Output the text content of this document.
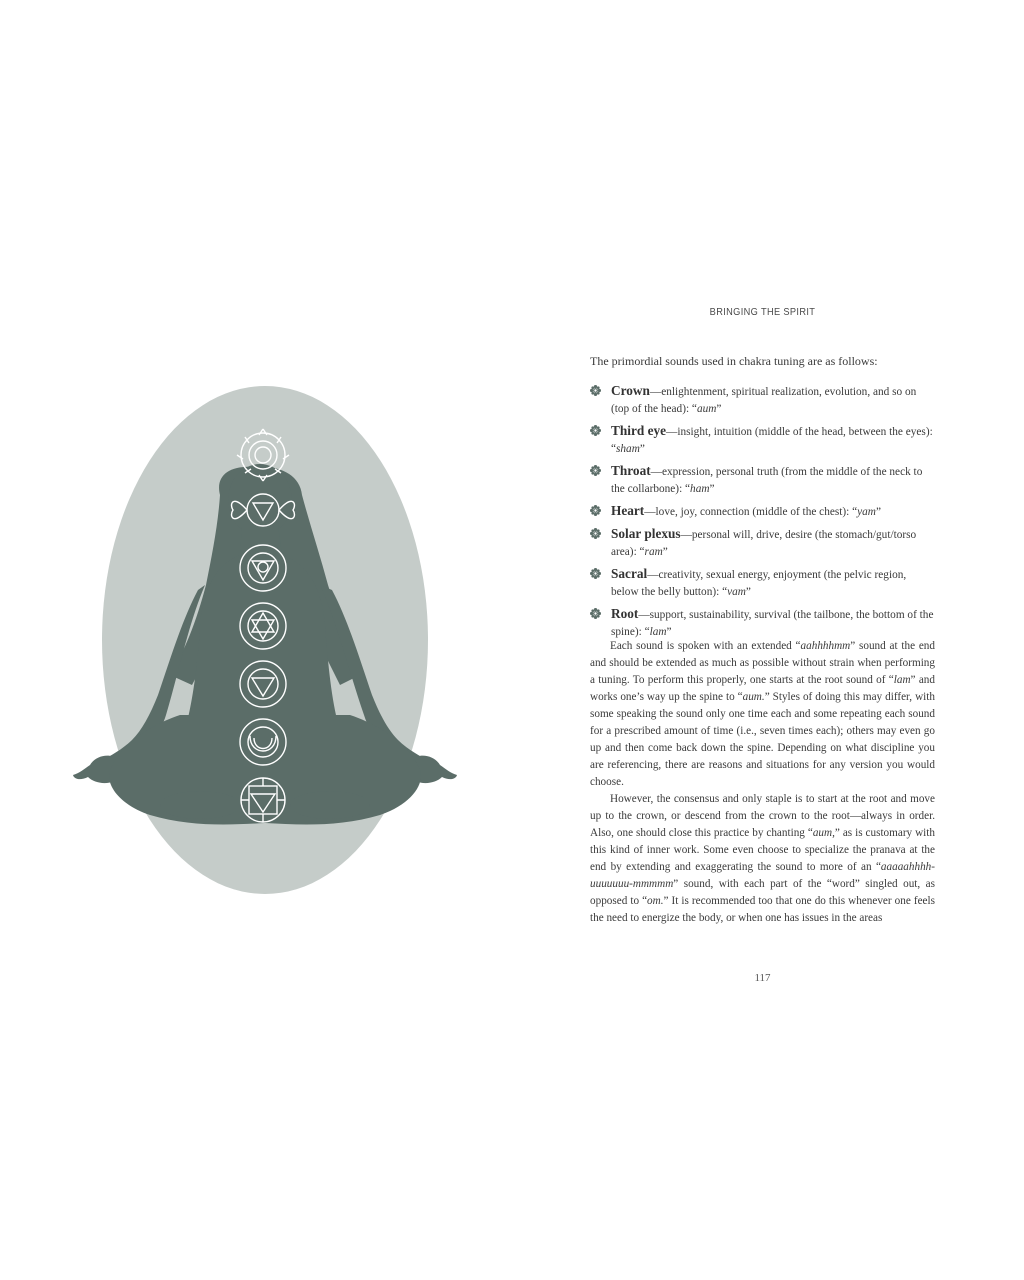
BRINGING THE SPIRIT

The primordial sounds used in chakra tuning are as follows:

Crown—enlightenment, spiritual realization, evolution, and so on (top of the head): “aum”
Third eye—insight, intuition (middle of the head, between the eyes): “sham”
Throat—expression, personal truth (from the middle of the neck to the collarbone): “ham”
Heart—love, joy, connection (middle of the chest): “yam”
Solar plexus—personal will, drive, desire (the stomach/gut/torso area): “ram”
Sacral—creativity, sexual energy, enjoyment (the pelvic region, below the belly button): “vam”
Root—support, sustainability, survival (the tailbone, the bottom of the spine): “lam”

Each sound is spoken with an extended “aahhhhmm” sound at the end and should be extended as much as possible without strain when performing a tuning. To perform this properly, one starts at the root sound of “lam” and works one’s way up the spine to “aum.” Styles of doing this may differ, with some speaking the sound only one time each and some repeating each sound for a prescribed amount of time (i.e., seven times each); others may even go up and then come back down the spine. Depending on what discipline you are referencing, there are reasons and situations for any version you would choose.

However, the consensus and only staple is to start at the root and move up to the crown, or descend from the crown to the root—always in order. Also, one should close this practice by chanting “aum,” as is customary with this kind of inner work. Some even choose to specialize the pranava at the end by extending and exaggerating the sound to more of an “aaaaahhhh-uuuuuuu-mmmmm” sound, with each part of the “word” singled out, as opposed to “om.” It is recommended too that one do this whenever one feels the need to energize the body, or when one has issues in the areas

117
